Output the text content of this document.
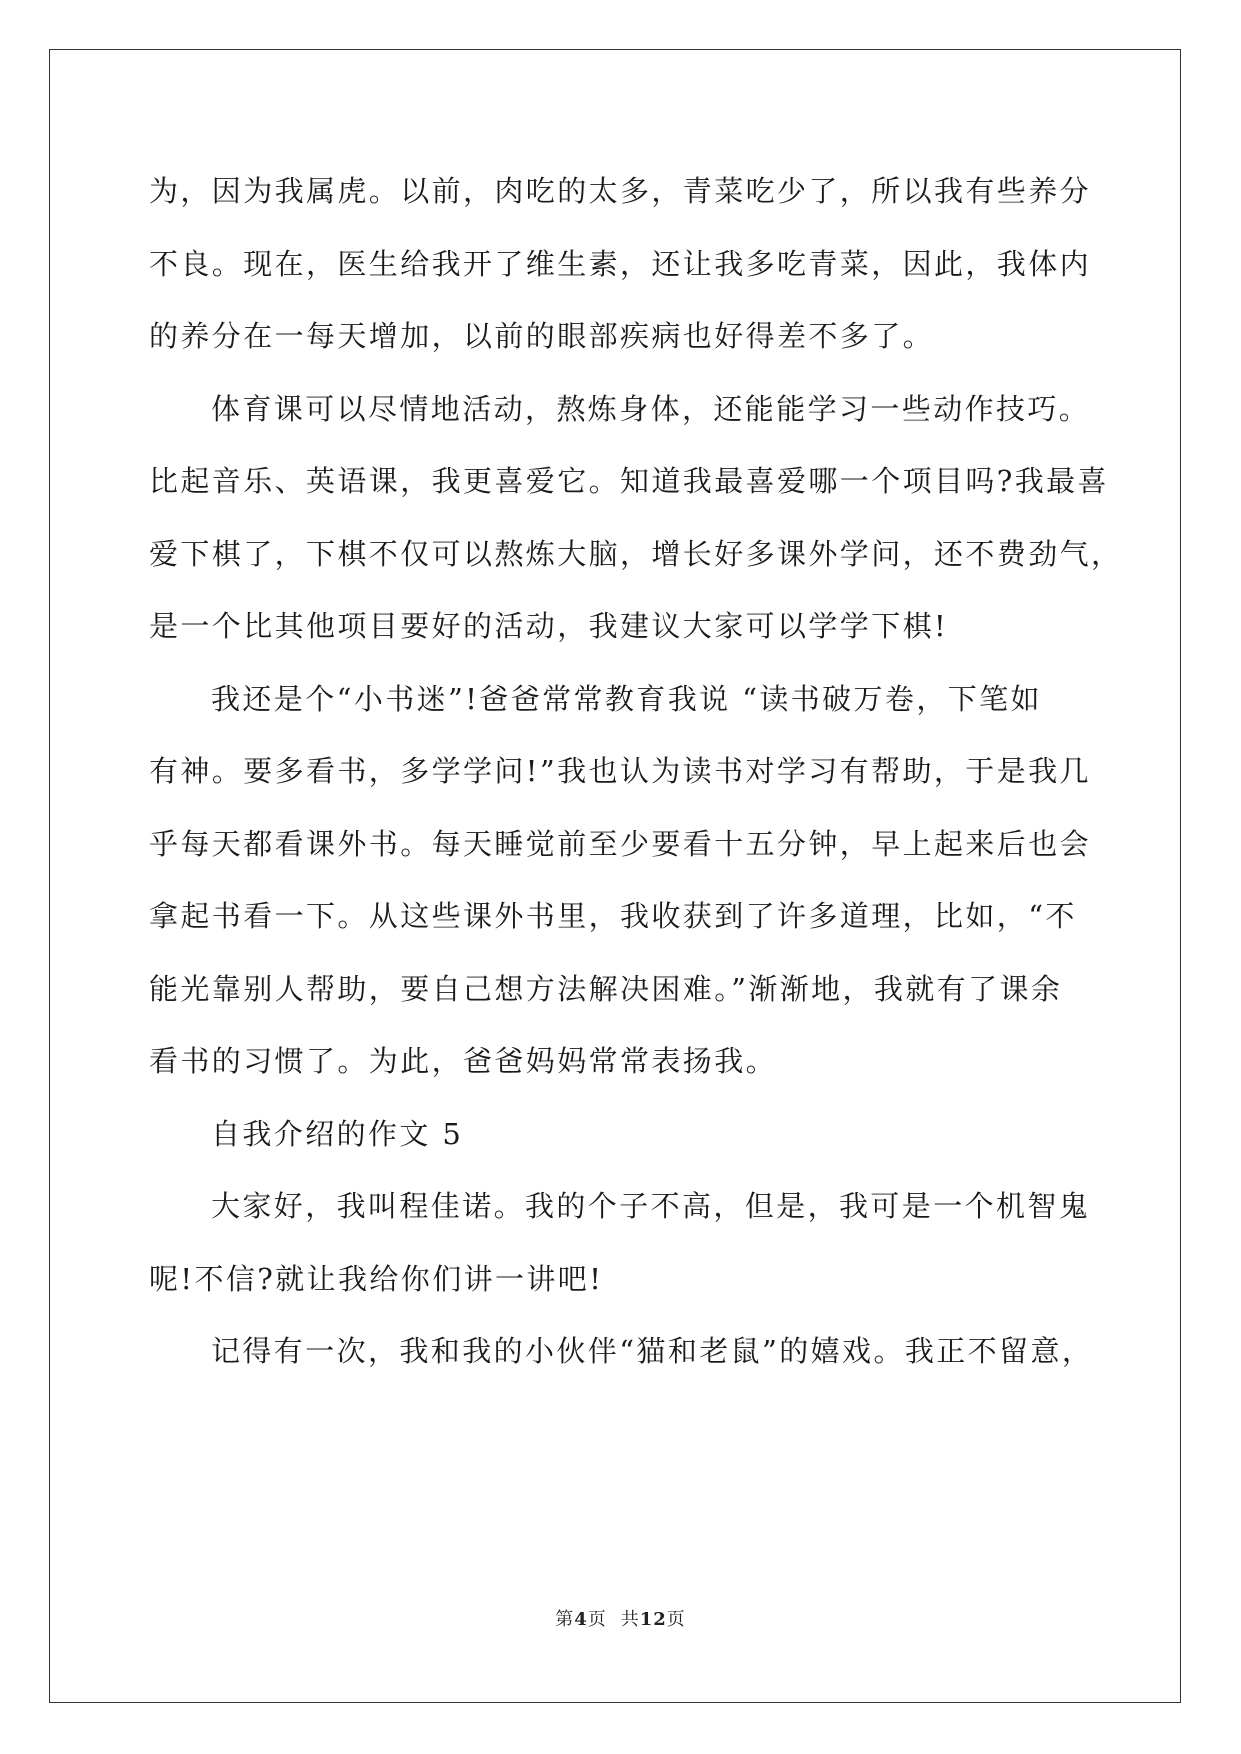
为，因为我属虎。以前，肉吃的太多，青菜吃少了，所以我有些养分
不良。现在，医生给我开了维生素，还让我多吃青菜，因此，我体内
的养分在一每天增加，以前的眼部疾病也好得差不多了。
体育课可以尽情地活动，熬炼身体，还能能学习一些动作技巧。
比起音乐、英语课，我更喜爱它。知道我最喜爱哪一个项目吗?我最喜
爱下棋了，下棋不仅可以熬炼大脑，增长好多课外学问，还不费劲气，
是一个比其他项目要好的活动，我建议大家可以学学下棋!
我还是个“小书迷”!爸爸常常教育我说 “读书破万卷，下笔如
有神。要多看书，多学学问!”我也认为读书对学习有帮助，于是我几
乎每天都看课外书。每天睡觉前至少要看十五分钟，早上起来后也会
拿起书看一下。从这些课外书里，我收获到了许多道理，比如，“不
能光靠别人帮助，要自己想方法解决困难。”渐渐地，我就有了课余
看书的习惯了。为此，爸爸妈妈常常表扬我。
自我介绍的作文 5
大家好，我叫程佳诺。我的个子不高，但是，我可是一个机智鬼
呢!不信?就让我给你们讲一讲吧!
记得有一次，我和我的小伙伴“猫和老鼠”的嬉戏。我正不留意，
第4页 共12页
